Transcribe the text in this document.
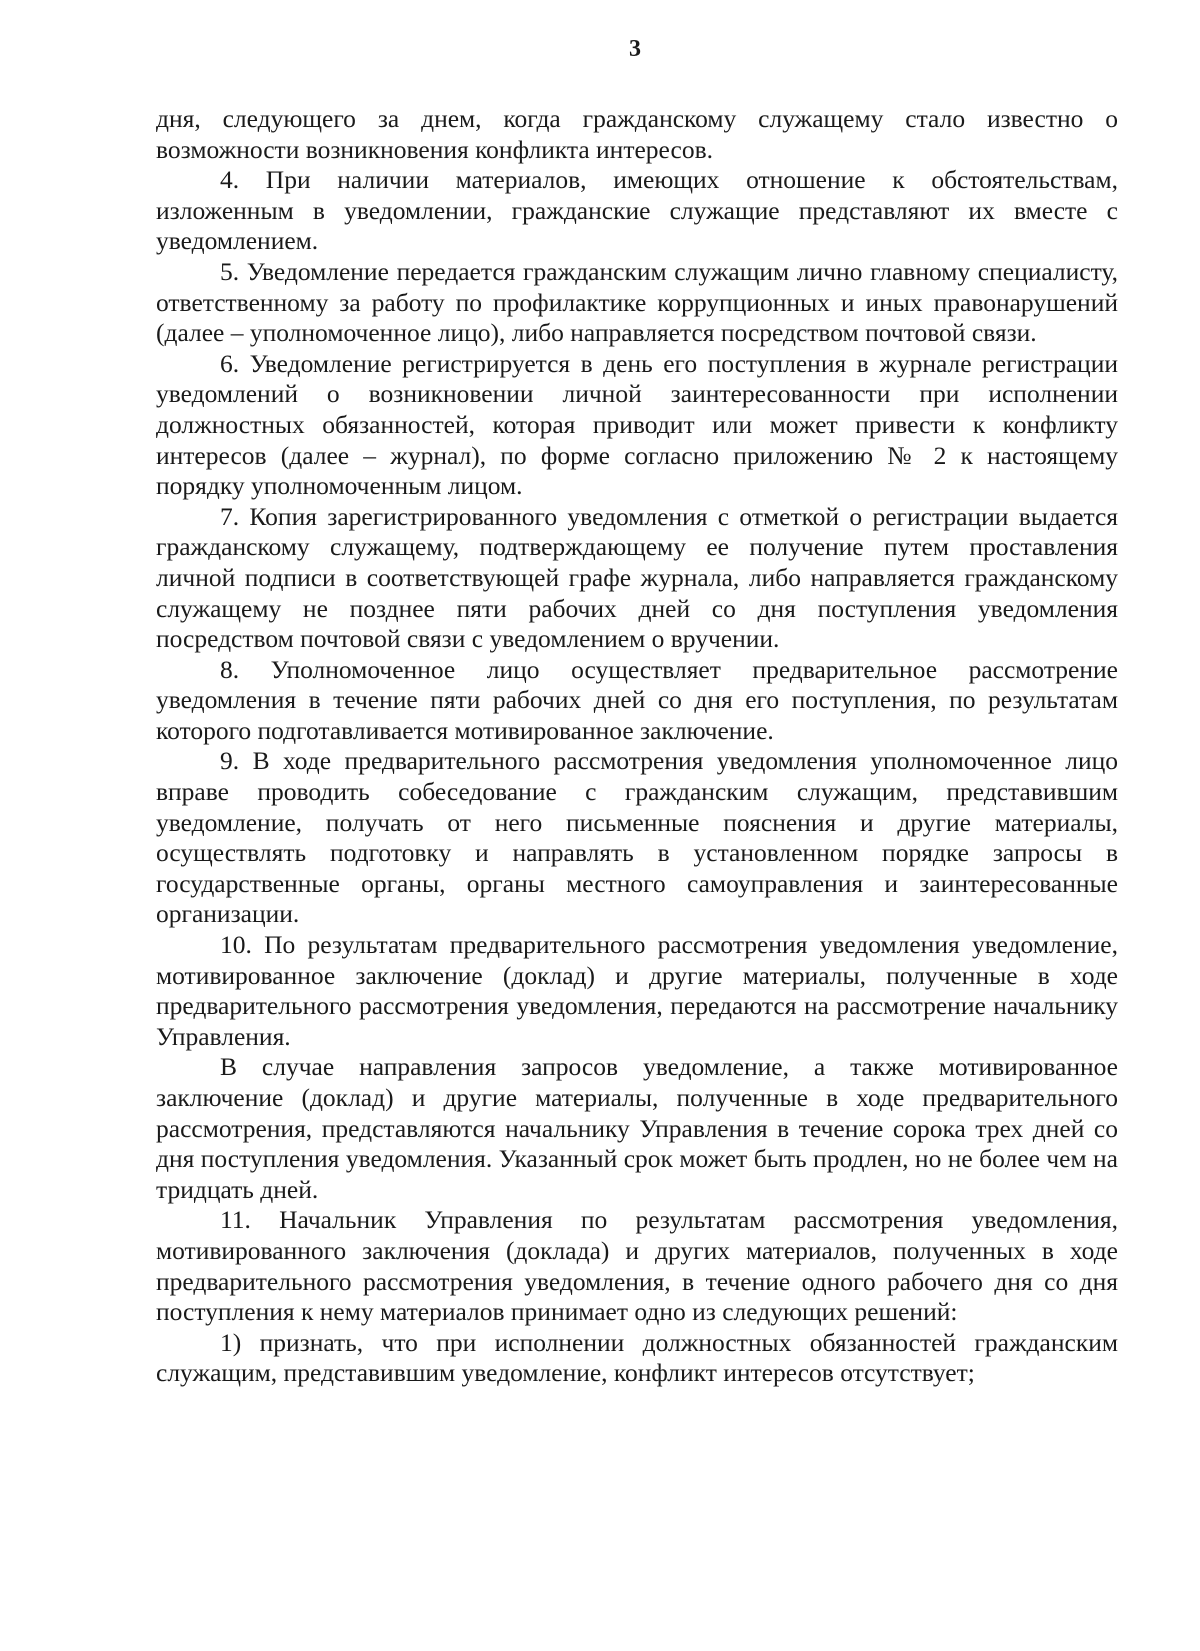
3

дня, следующего за днем, когда гражданскому служащему стало известно о возможности возникновения конфликта интересов.

4. При наличии материалов, имеющих отношение к обстоятельствам, изложенным в уведомлении, гражданские служащие представляют их вместе с уведомлением.

5. Уведомление передается гражданским служащим лично главному специалисту, ответственному за работу по профилактике коррупционных и иных правонарушений (далее – уполномоченное лицо), либо направляется посредством почтовой связи.

6. Уведомление регистрируется в день его поступления в журнале регистрации уведомлений о возникновении личной заинтересованности при исполнении должностных обязанностей, которая приводит или может привести к конфликту интересов (далее – журнал), по форме согласно приложению № 2 к настоящему порядку уполномоченным лицом.

7. Копия зарегистрированного уведомления с отметкой о регистрации выдается гражданскому служащему, подтверждающему ее получение путем проставления личной подписи в соответствующей графе журнала, либо направляется гражданскому служащему не позднее пяти рабочих дней со дня поступления уведомления посредством почтовой связи с уведомлением о вручении.

8. Уполномоченное лицо осуществляет предварительное рассмотрение уведомления в течение пяти рабочих дней со дня его поступления, по результатам которого подготавливается мотивированное заключение.

9. В ходе предварительного рассмотрения уведомления уполномоченное лицо вправе проводить собеседование с гражданским служащим, представившим уведомление, получать от него письменные пояснения и другие материалы, осуществлять подготовку и направлять в установленном порядке запросы в государственные органы, органы местного самоуправления и заинтересованные организации.

10. По результатам предварительного рассмотрения уведомления уведомление, мотивированное заключение (доклад) и другие материалы, полученные в ходе предварительного рассмотрения уведомления, передаются на рассмотрение начальнику Управления.

В случае направления запросов уведомление, а также мотивированное заключение (доклад) и другие материалы, полученные в ходе предварительного рассмотрения, представляются начальнику Управления в течение сорока трех дней со дня поступления уведомления. Указанный срок может быть продлен, но не более чем на тридцать дней.

11. Начальник Управления по результатам рассмотрения уведомления, мотивированного заключения (доклада) и других материалов, полученных в ходе предварительного рассмотрения уведомления, в течение одного рабочего дня со дня поступления к нему материалов принимает одно из следующих решений:

1) признать, что при исполнении должностных обязанностей гражданским служащим, представившим уведомление, конфликт интересов отсутствует;
